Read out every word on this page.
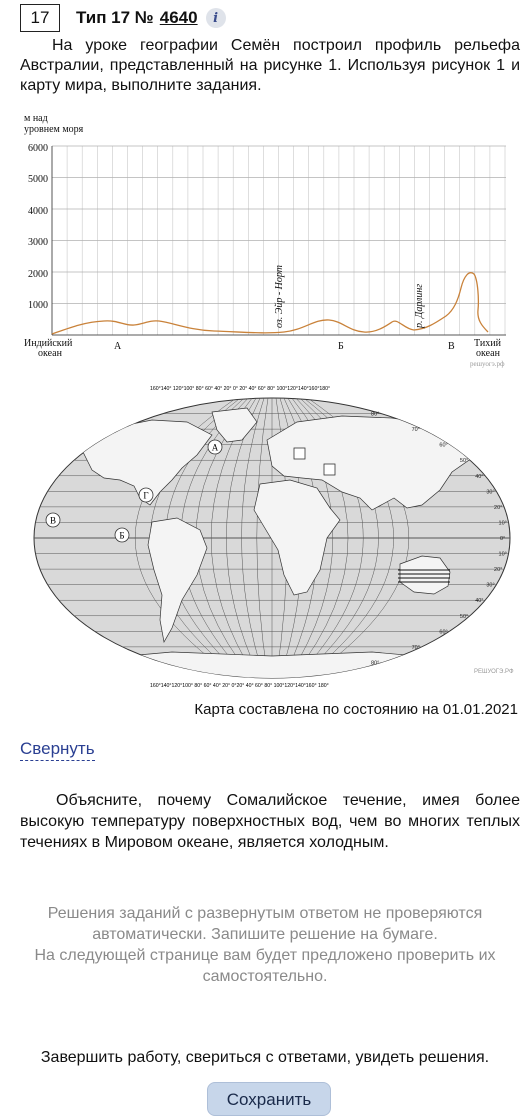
17	Тип 17 № 4640	i
На уроке географии Семён построил профиль рельефа Австралии, представленный на рисунке 1. Используя рисунок 1 и карту мира, выполните задания.
м над
уровнем моря
6000
5000
4000
3000
2000
1000	оз. Эйр - Норт	р. Дарлинг
Индийский
океан
А	Б	В Тихий
океан
решуогэ.рф
160°140° 120°100° 80° 60° 40° 20° 0° 20° 40° 60° 80° 100°120°140°160°180°
А
Г
В
Б
80°
70°
60°
50°
40°
30°
20°
10°
0°
10°
20°
30°
40°
50°
60°
70°
80°
160°140°120°100° 80° 60° 40° 20° 0°20° 40° 60° 80° 100°120°140°160° 180°
РЕШУОГЭ.РФ
Карта составлена по состоянию на 01.01.2021
Свернуть
Объясните, почему Сомалийское течение, имея более высокую температуру поверхностных вод, чем во многих теплых течениях в Мировом океане, является холодным.
Решения заданий с развернутым ответом не проверяются автоматически. Запишите решение на бумаге.
На следующей странице вам будет предложено проверить их самостоятельно.
Завершить работу, свериться с ответами, увидеть решения.
Сохранить
